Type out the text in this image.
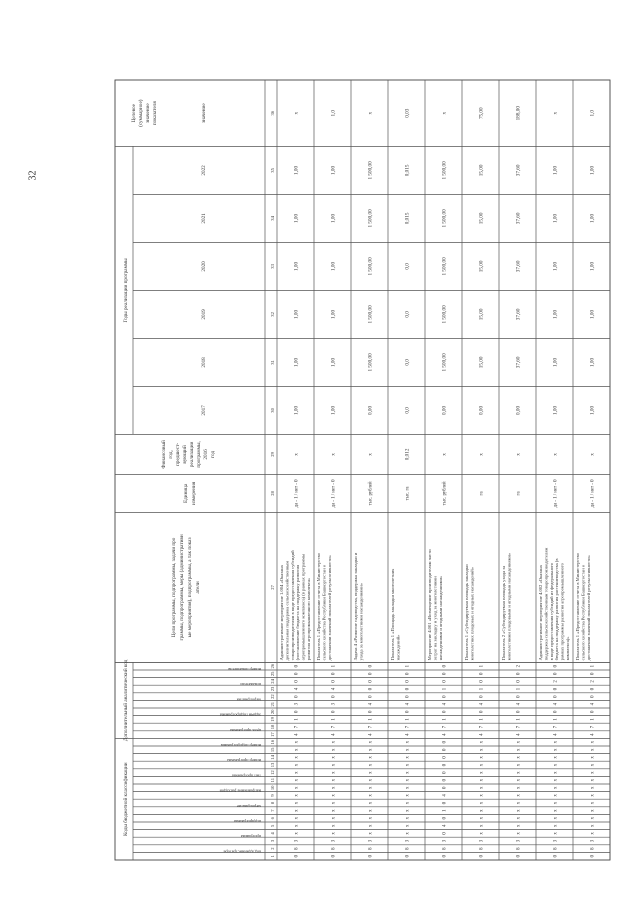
32
Коды бюджетной классификации
Дополнительный аналитический код
Цели программы, подпрограммы, задачи про граммы, подпрограммы, меры (административн ые мероприятия), подпрограммы, а так показ атели
Единица измерения
Финансовый год, предшест- вующий реализации программы, 2016 год
Годы реализации программы
Целевое (суммарное) значение показателя
2017
2018
2019
2020
2021
2022
значение
код администратора
программа
подпрограмма
мероприятие
направление расходов
тип программы
номер программы
номер подпрограммы
цель программы
задачи подпрограммы
мероприятия
показатели
номер показателя
1
2
3
4
5
6
7
8
9
10
11
12
13
14
15
16
17
18
19
20
21
22
23
24
25
26
27
28
29
30
31
32
33
34
35
36
0
8
3
х
х
х
х
х
х
х
х
х
х
х
х
х
4
7
1
0
3
0
4
0
0
0
Административное мероприятие 1.004 «Оказана дополнительная поддержка сельскохозяйственным товаропроизводителям в виде предоставления субсидий (постановление бюджета на поддержку развития агропромышленного комплекса) (в рамках программы развития агропромышленного комплекса»
да - 1 / нет - 0
х
1,00
1,00
1,00
1,00
1,00
1,00
х
0
8
3
х
х
х
х
х
х
х
х
х
х
х
х
х
4
7
1
0
3
0
4
0
0
1
Показатель 1 «Предоставление отчета в Министерство сельского хозяйства Республики Башкортостан о достижении значений показателей результативности»
да - 1 / нет - 0
х
1,00
1,00
1,00
1,00
1,00
1,00
1,0
0
8
3
х
х
х
х
х
х
х
х
х
х
х
х
х
4
7
1
0
4
0
0
0
0
0
Задача 4 «Развитие садоводства, поддержка закладки и ухода за многолетними насаждениями»
тыс. рублей
х
0,00
1 500,00
1 500,00
1 500,00
1 500,00
1 500,00
х
0
8
3
х
х
х
х
х
х
х
х
х
х
х
х
х
4
7
1
0
4
0
0
0
0
1
Показатель 1 «Площадь закладки многолетних насаждений»
тыс. га
0,012
0,0
0,0
0,0
0,0
0,015
0,015
0,03
0
8
3
0
4
0
1
0
4
0
0
0
0
0
0
0
4
7
1
0
4
0
1
0
0
0
Мероприятие 4.001 «Возмещение производителям части затрат на закладку и уход за многолетними насаждениями и ягодными насаждениями»
тыс. рублей
х
0,00
1 500,00
1 500,00
1 500,00
1 500,00
1 500,00
х
0
8
3
х
х
х
х
х
х
х
х
х
х
х
х
х
4
7
1
0
4
0
1
0
0
1
Показатель 1 «Субсидируемая площадь закладки многолетних плодовых и ягодных насаждений»
га
х
0,00
15,00
15,00
15,00
15,00
15,00
75,00
0
8
3
х
х
х
х
х
х
х
х
х
х
х
х
х
4
7
1
0
4
0
1
0
0
2
Показатель 2 «Субсидируемая площадь ухода за многолетними плодовыми и ягодными насаждениями»
га
х
0,00
37,60
37,60
37,60
37,60
37,60
188,00
0
8
3
х
х
х
х
х
х
х
х
х
х
х
х
х
4
7
1
0
4
0
0
2
0
0
Административное мероприятие 4.002 «Оказана поддержка сельскохозяйственным товаропроизводителям в виде предоставления субсидий из федерального бюджета на поддержку развития растениеводства (в рамках программы развития агропромышленного комплекса)»
да - 1 / нет - 0
х
1,00
1,00
1,00
1,00
1,00
1,00
х
0
8
3
х
х
х
х
х
х
х
х
х
х
х
х
х
4
7
1
0
4
0
0
2
0
1
Показатель 1 «Предоставление отчета в Министерство сельского хозяйства Республики Башкортостан о достижении значений показателей результативности»
да - 1 / нет - 0
х
1,00
1,00
1,00
1,00
1,00
1,00
1,0
